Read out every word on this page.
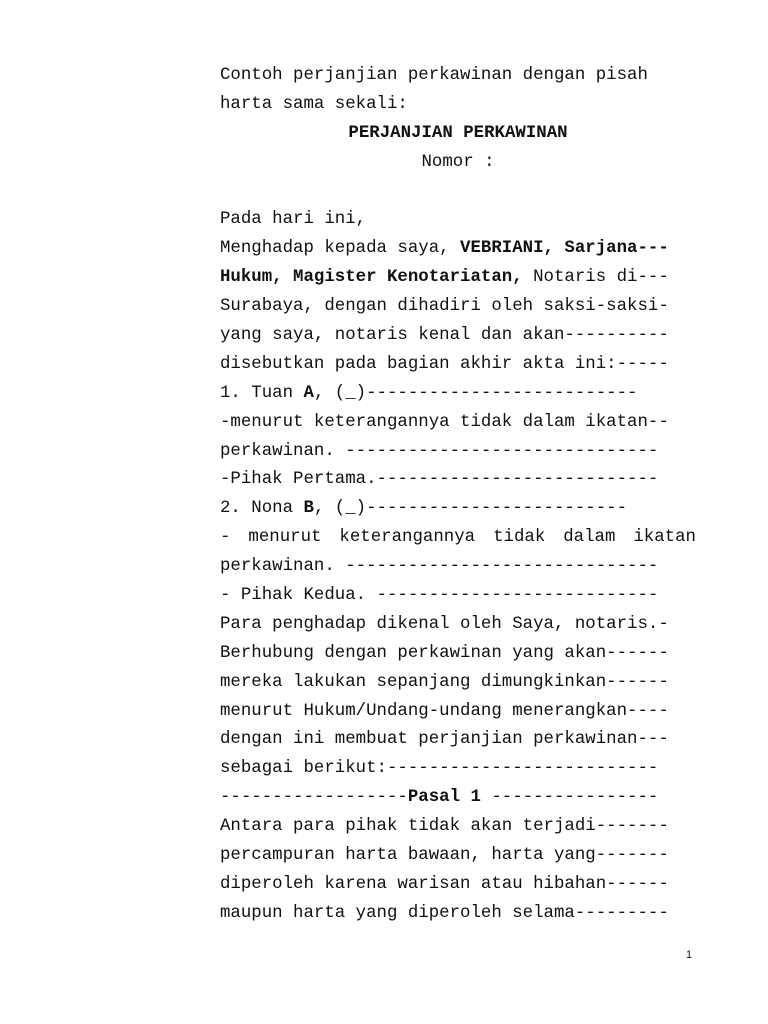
Contoh perjanjian perkawinan dengan pisah
harta sama sekali:
PERJANJIAN PERKAWINAN
Nomor :
Pada hari ini,
Menghadap kepada saya, VEBRIANI, Sarjana---
Hukum, Magister Kenotariatan, Notaris di---
Surabaya, dengan dihadiri oleh saksi-saksi-
yang saya, notaris kenal dan akan----------
disebutkan pada bagian akhir akta ini:-----
1. Tuan A, (_)--------------------------
-menurut keterangannya tidak dalam ikatan--
perkawinan. ------------------------------
-Pihak Pertama.---------------------------
2. Nona B, (_)-------------------------
- menurut keterangannya tidak dalam ikatan
perkawinan. ------------------------------
- Pihak Kedua. ---------------------------
Para penghadap dikenal oleh Saya, notaris.-
Berhubung dengan perkawinan yang akan------
mereka lakukan sepanjang dimungkinkan------
menurut Hukum/Undang-undang menerangkan----
dengan ini membuat perjanjian perkawinan---
sebagai berikut:--------------------------
------------------Pasal 1 ----------------
Antara para pihak tidak akan terjadi-------
percampuran harta bawaan, harta yang-------
diperoleh karena warisan atau hibahan------
maupun harta yang diperoleh selama---------
1
